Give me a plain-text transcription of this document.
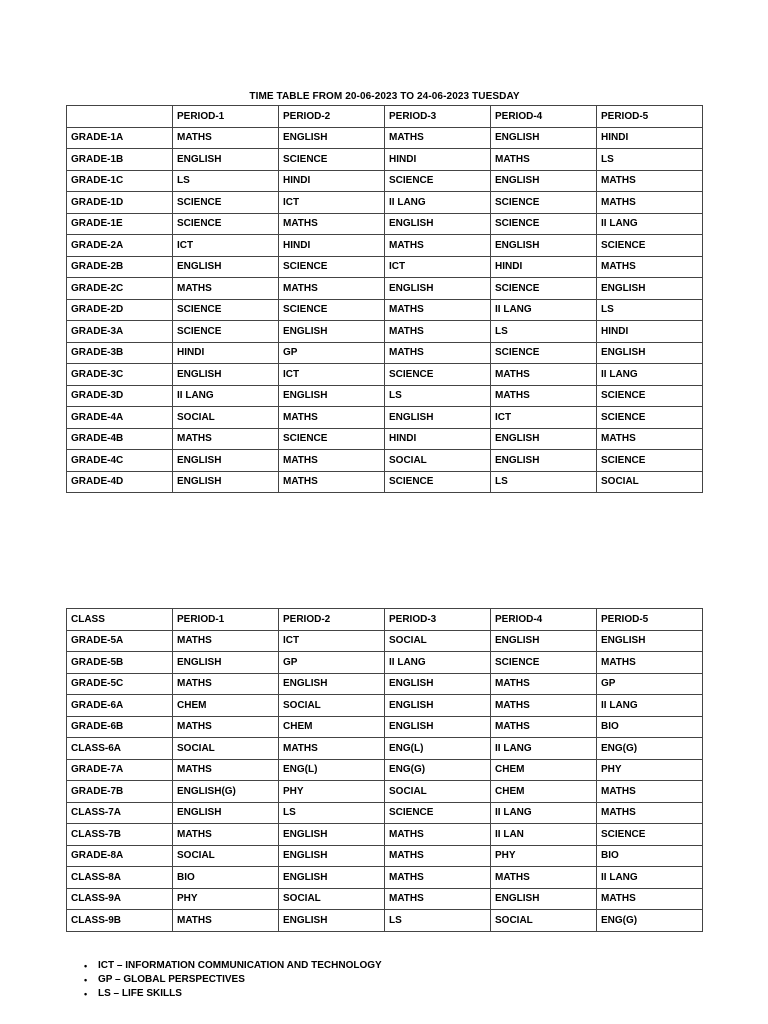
TIME TABLE FROM 20-06-2023 TO 24-06-2023 TUESDAY
	PERIOD-1	PERIOD-2	PERIOD-3	PERIOD-4	PERIOD-5
GRADE-1A	MATHS	ENGLISH	MATHS	ENGLISH	HINDI
GRADE-1B	ENGLISH	SCIENCE	HINDI	MATHS	LS
GRADE-1C	LS	HINDI	SCIENCE	ENGLISH	MATHS
GRADE-1D	SCIENCE	ICT	II LANG	SCIENCE	MATHS
GRADE-1E	SCIENCE	MATHS	ENGLISH	SCIENCE	II LANG
GRADE-2A	ICT	HINDI	MATHS	ENGLISH	SCIENCE
GRADE-2B	ENGLISH	SCIENCE	ICT	HINDI	MATHS
GRADE-2C	MATHS	MATHS	ENGLISH	SCIENCE	ENGLISH
GRADE-2D	SCIENCE	SCIENCE	MATHS	II LANG	LS
GRADE-3A	SCIENCE	ENGLISH	MATHS	LS	HINDI
GRADE-3B	HINDI	GP	MATHS	SCIENCE	ENGLISH
GRADE-3C	ENGLISH	ICT	SCIENCE	MATHS	II LANG
GRADE-3D	II LANG	ENGLISH	LS	MATHS	SCIENCE
GRADE-4A	SOCIAL	MATHS	ENGLISH	ICT	SCIENCE
GRADE-4B	MATHS	SCIENCE	HINDI	ENGLISH	MATHS
GRADE-4C	ENGLISH	MATHS	SOCIAL	ENGLISH	SCIENCE
GRADE-4D	ENGLISH	MATHS	SCIENCE	LS	SOCIAL
CLASS	PERIOD-1	PERIOD-2	PERIOD-3	PERIOD-4	PERIOD-5
GRADE-5A	MATHS	ICT	SOCIAL	ENGLISH	ENGLISH
GRADE-5B	ENGLISH	GP	II LANG	SCIENCE	MATHS
GRADE-5C	MATHS	ENGLISH	ENGLISH	MATHS	GP
GRADE-6A	CHEM	SOCIAL	ENGLISH	MATHS	II LANG
GRADE-6B	MATHS	CHEM	ENGLISH	MATHS	BIO
CLASS-6A	SOCIAL	MATHS	ENG(L)	II LANG	ENG(G)
GRADE-7A	MATHS	ENG(L)	ENG(G)	CHEM	PHY
GRADE-7B	ENGLISH(G)	PHY	SOCIAL	CHEM	MATHS
CLASS-7A	ENGLISH	LS	SCIENCE	II LANG	MATHS
CLASS-7B	MATHS	ENGLISH	MATHS	II LAN	SCIENCE
GRADE-8A	SOCIAL	ENGLISH	MATHS	PHY	BIO
CLASS-8A	BIO	ENGLISH	MATHS	MATHS	II LANG
CLASS-9A	PHY	SOCIAL	MATHS	ENGLISH	MATHS
CLASS-9B	MATHS	ENGLISH	LS	SOCIAL	ENG(G)
• ICT – INFORMATION COMMUNICATION AND TECHNOLOGY
• GP – GLOBAL PERSPECTIVES
• LS – LIFE SKILLS
